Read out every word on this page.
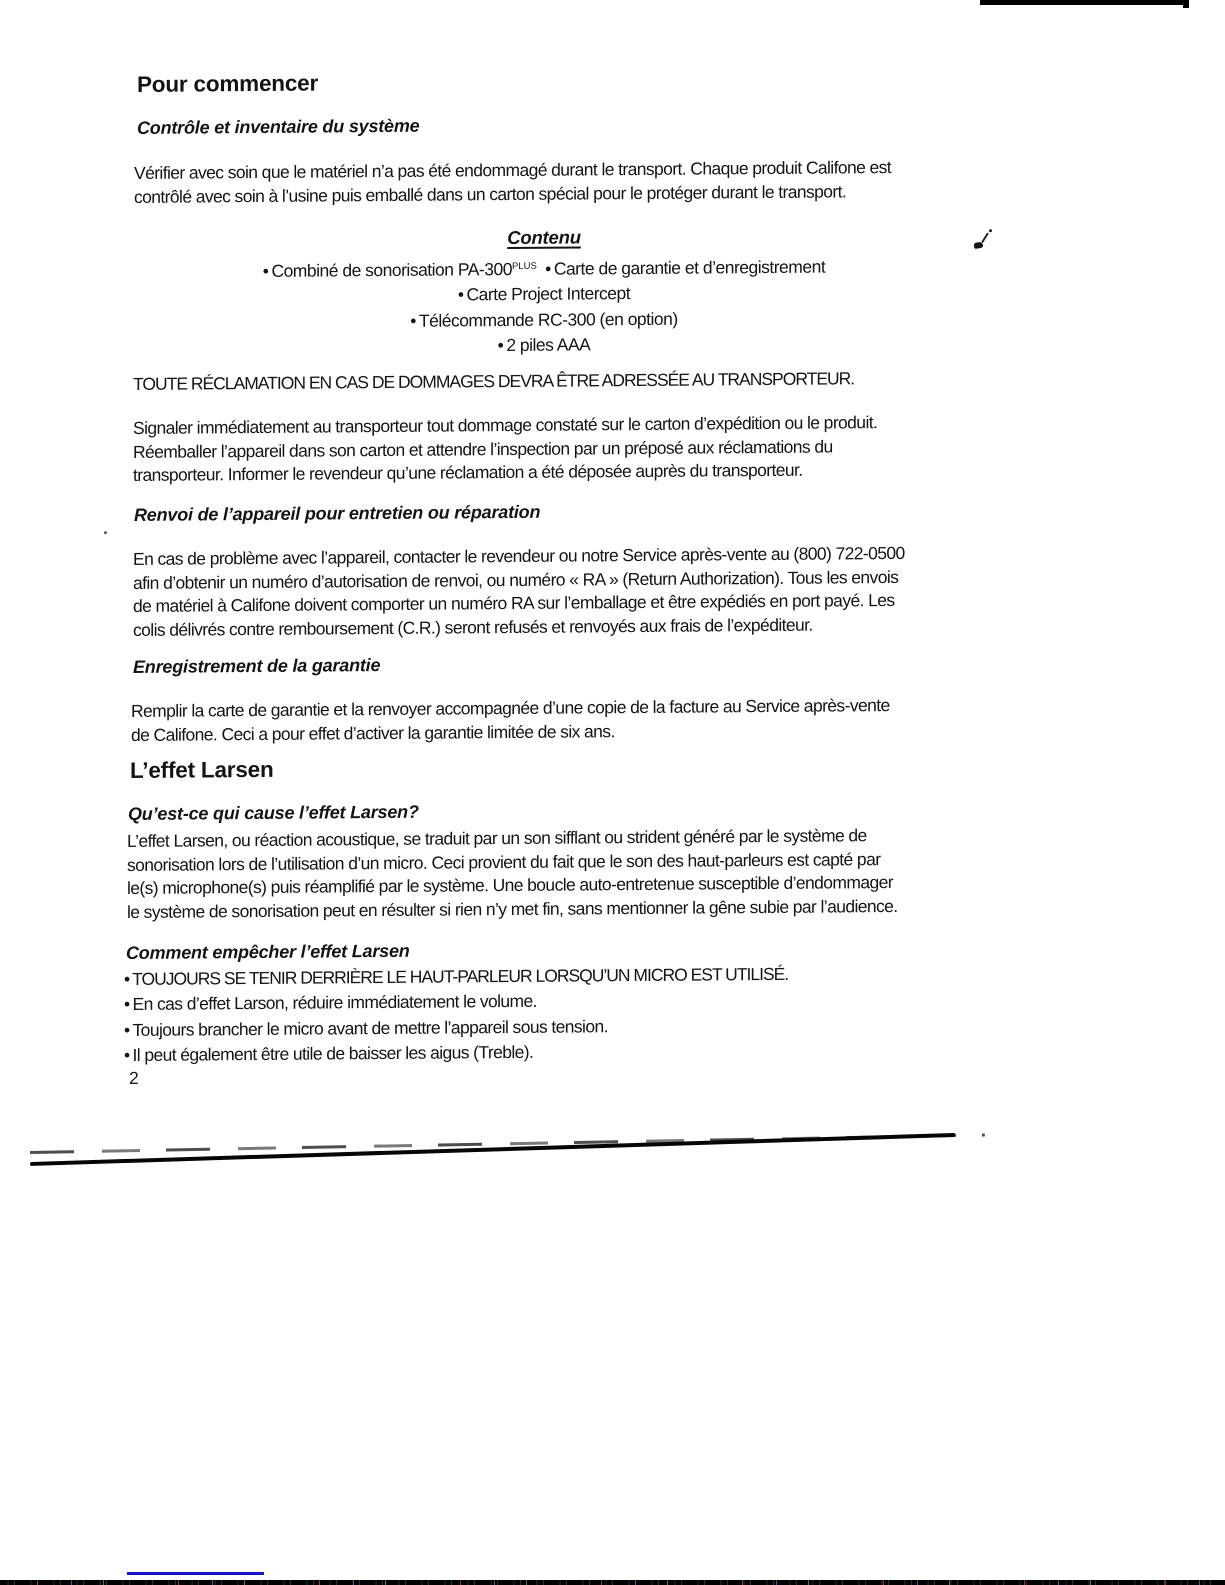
Pour commencer
Contrôle et inventaire du système
Vérifier avec soin que le matériel n’a pas été endommagé durant le transport. Chaque produit Califone est
contrôlé avec soin à l’usine puis emballé dans un carton spécial pour le protéger durant le transport.
Contenu
• Combiné de sonorisation $PA-300^{PLUS}$ • Carte de garantie et d’enregistrement
• Carte Project Intercept
• Télécommande RC-300 (en option)
• 2 piles AAA
TOUTE RÉCLAMATION EN CAS DE DOMMAGES DEVRA ÊTRE ADRESSÉE AU TRANSPORTEUR.
Signaler immédiatement au transporteur tout dommage constaté sur le carton d’expédition ou le produit.
Réemballer l’appareil dans son carton et attendre l’inspection par un préposé aux réclamations du
transporteur. Informer le revendeur qu’une réclamation a été déposée auprès du transporteur.
Renvoi de l’appareil pour entretien ou réparation
En cas de problème avec l’appareil, contacter le revendeur ou notre Service après-vente au (800) 722-0500
afin d’obtenir un numéro d’autorisation de renvoi, ou numéro « RA » (Return Authorization). Tous les envois
de matériel à Califone doivent comporter un numéro RA sur l’emballage et être expédiés en port payé. Les
colis délivrés contre remboursement (C.R.) seront refusés et renvoyés aux frais de l’expéditeur.
Enregistrement de la garantie
Remplir la carte de garantie et la renvoyer accompagnée d’une copie de la facture au Service après-vente
de Califone. Ceci a pour effet d’activer la garantie limitée de six ans.
L’effet Larsen
Qu’est-ce qui cause l’effet Larsen?
L’effet Larsen, ou réaction acoustique, se traduit par un son sifflant ou strident généré par le système de
sonorisation lors de l’utilisation d’un micro. Ceci provient du fait que le son des haut-parleurs est capté par
le(s) microphone(s) puis réamplifié par le système. Une boucle auto-entretenue susceptible d’endommager
le système de sonorisation peut en résulter si rien n’y met fin, sans mentionner la gêne subie par l’audience.
Comment empêcher l’effet Larsen
• TOUJOURS SE TENIR DERRIÈRE LE HAUT-PARLEUR LORSQU’UN MICRO EST UTILISÉ.
• En cas d’effet Larson, réduire immédiatement le volume.
• Toujours brancher le micro avant de mettre l’appareil sous tension.
• Il peut également être utile de baisser les aigus (Treble).
2
